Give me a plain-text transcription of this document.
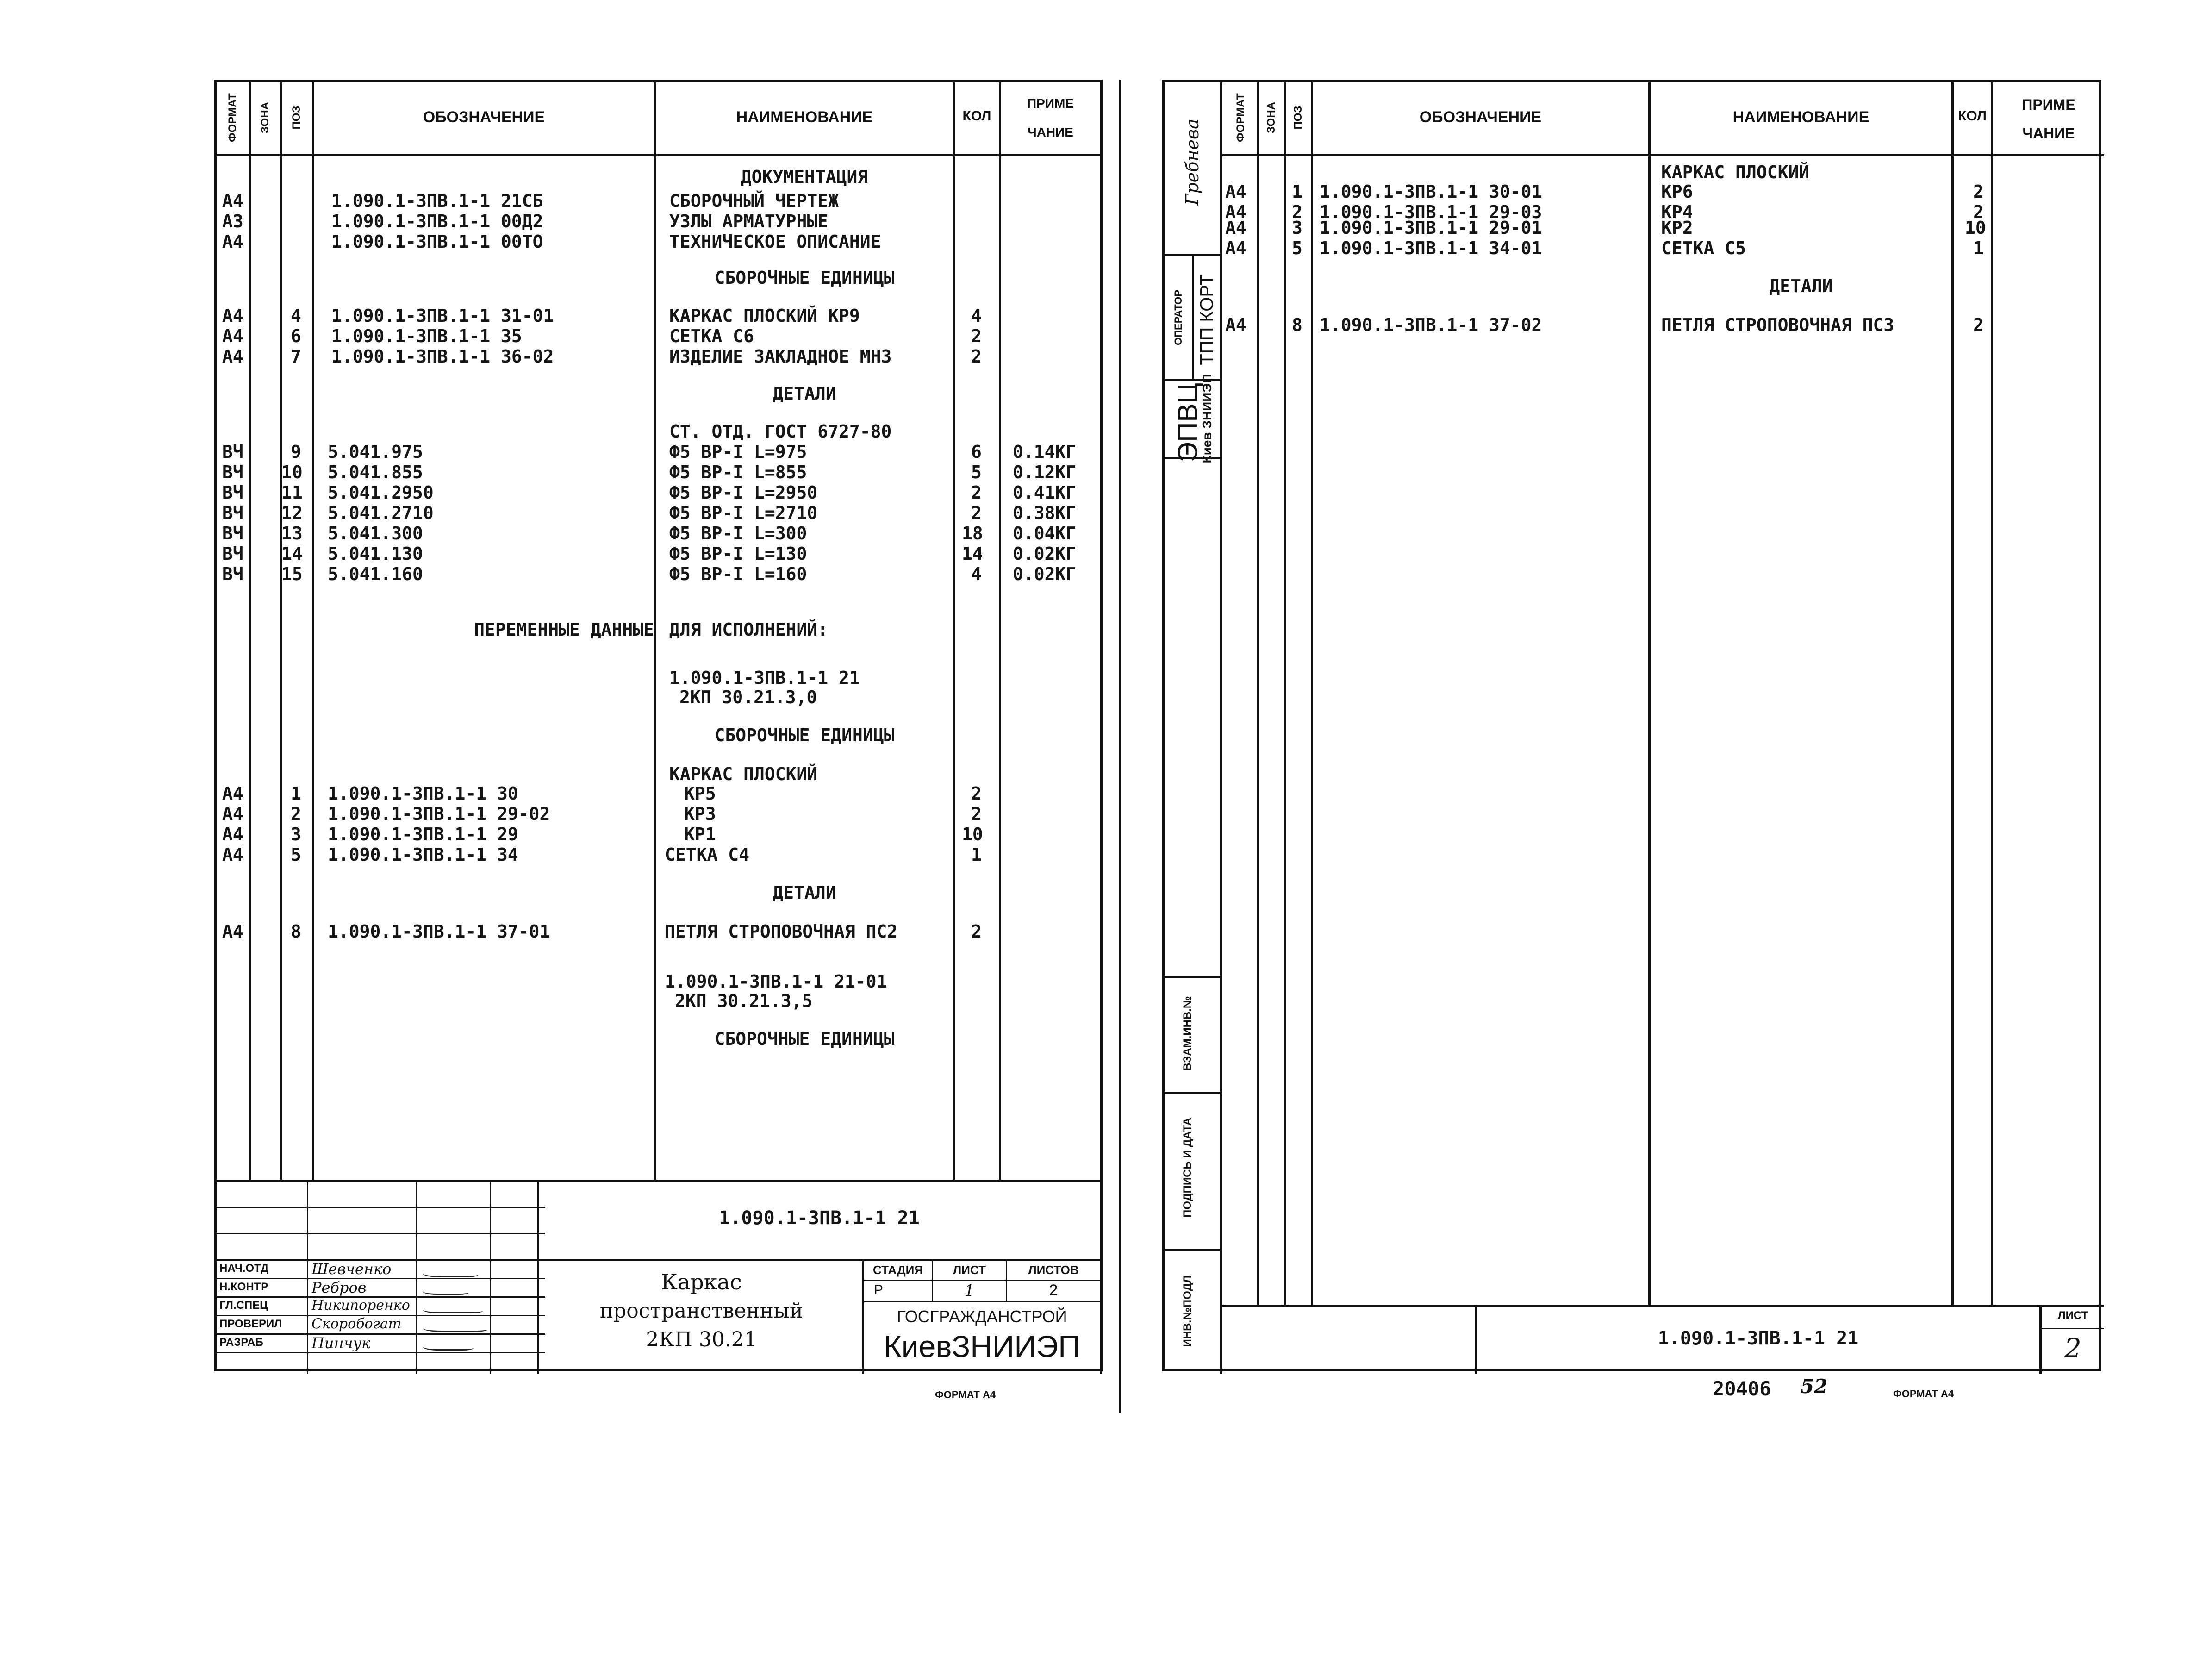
ФОРМАТ ЗОНА ПОЗ	ОБОЗНАЧЕНИЕ	НАИМЕНОВАНИЕ	КОЛ
ПРИМЕ
ЧАНИЕ
ДОКУМЕНТАЦИЯ
А4	1.090.1-3ПВ.1-1 21СБ	СБОРОЧНЫЙ ЧЕРТЕЖ
А3	1.090.1-3ПВ.1-1 00Д2	УЗЛЫ АРМАТУРНЫЕ
А4	1.090.1-3ПВ.1-1 00ТО	ТЕХНИЧЕСКОЕ ОПИСАНИЕ
СБОРОЧНЫЕ ЕДИНИЦЫ
А4	4 1.090.1-3ПВ.1-1 31-01	КАРКАС ПЛОСКИЙ КР9	4
А4	6 1.090.1-3ПВ.1-1 35	СЕТКА С6	2
А4	7 1.090.1-3ПВ.1-1 36-02	ИЗДЕЛИЕ ЗАКЛАДНОЕ МН3	2
ДЕТАЛИ
СТ. ОТД. ГОСТ 6727-80
ВЧ	9 5.041.975	Ф5 ВР-I L=975	6 0.14КГ
ВЧ 10 5.041.855	Ф5 ВР-I L=855	5 0.12КГ
ВЧ 11 5.041.2950	Ф5 ВР-I L=2950	2 0.41КГ
ВЧ 12 5.041.2710	Ф5 ВР-I L=2710	2 0.38КГ
ВЧ 13 5.041.300	Ф5 ВР-I L=300	18 0.04КГ
ВЧ 14 5.041.130	Ф5 ВР-I L=130	14 0.02КГ
ВЧ 15 5.041.160	Ф5 ВР-I L=160	4 0.02КГ
ПЕРЕМЕННЫЕ ДАННЫЕ ДЛЯ ИСПОЛНЕНИЙ:
1.090.1-3ПВ.1-1 21
2КП 30.21.3,0
СБОРОЧНЫЕ ЕДИНИЦЫ
КАРКАС ПЛОСКИЙ
А4	1 1.090.1-3ПВ.1-1 30	КР5	2
А4	2 1.090.1-3ПВ.1-1 29-02	КР3	2
А4	3 1.090.1-3ПВ.1-1 29	КР1	10
А4	5 1.090.1-3ПВ.1-1 34	СЕТКА С4	1
ДЕТАЛИ
А4	8 1.090.1-3ПВ.1-1 37-01	ПЕТЛЯ СТРОПОВОЧНАЯ ПС2	2
1.090.1-3ПВ.1-1 21-01
2КП 30.21.3,5
СБОРОЧНЫЕ ЕДИНИЦЫ
1.090.1-3ПВ.1-1 21
НАЧ.ОТД
Н.КОНТР
ГЛ.СПЕЦ
ПРОВЕРИЛ
РАЗРАБ
Шевченко
Ребров
Никипоренко
Скоробогат
Пинчук
Каркас
пространственный
2КП 30.21
СТАДИЯ	ЛИСТ	ЛИСТОВ
Р	1	2
ГОСГРАЖДАНСТРОЙ
КиевЗНИИЭП
ФОРМАТ А4
Гребнева
ОПЕРАТОР ТПП КОРТ
ЭПВЦ
Киев ЗНИИЭП
ВЗАМ.ИНВ.№
ПОДПИСЬ И ДАТА
ИНВ.№ПОДЛ
ФОРМАТ ЗОНА ПОЗ	ОБОЗНАЧЕНИЕ	НАИМЕНОВАНИЕ	КОЛ
ПРИМЕ
ЧАНИЕ
КАРКАС ПЛОСКИЙ
А4	1 1.090.1-3ПВ.1-1 30-01	КР6	2
А4	2 1.090.1-3ПВ.1-1 29-03	КР4	2
А4	3 1.090.1-3ПВ.1-1 29-01	КР2	10
А4	5 1.090.1-3ПВ.1-1 34-01	СЕТКА С5	1
ДЕТАЛИ
А4	8 1.090.1-3ПВ.1-1 37-02	ПЕТЛЯ СТРОПОВОЧНАЯ ПС3	2
1.090.1-3ПВ.1-1 21
ЛИСТ
2
20406 52	ФОРМАТ А4
